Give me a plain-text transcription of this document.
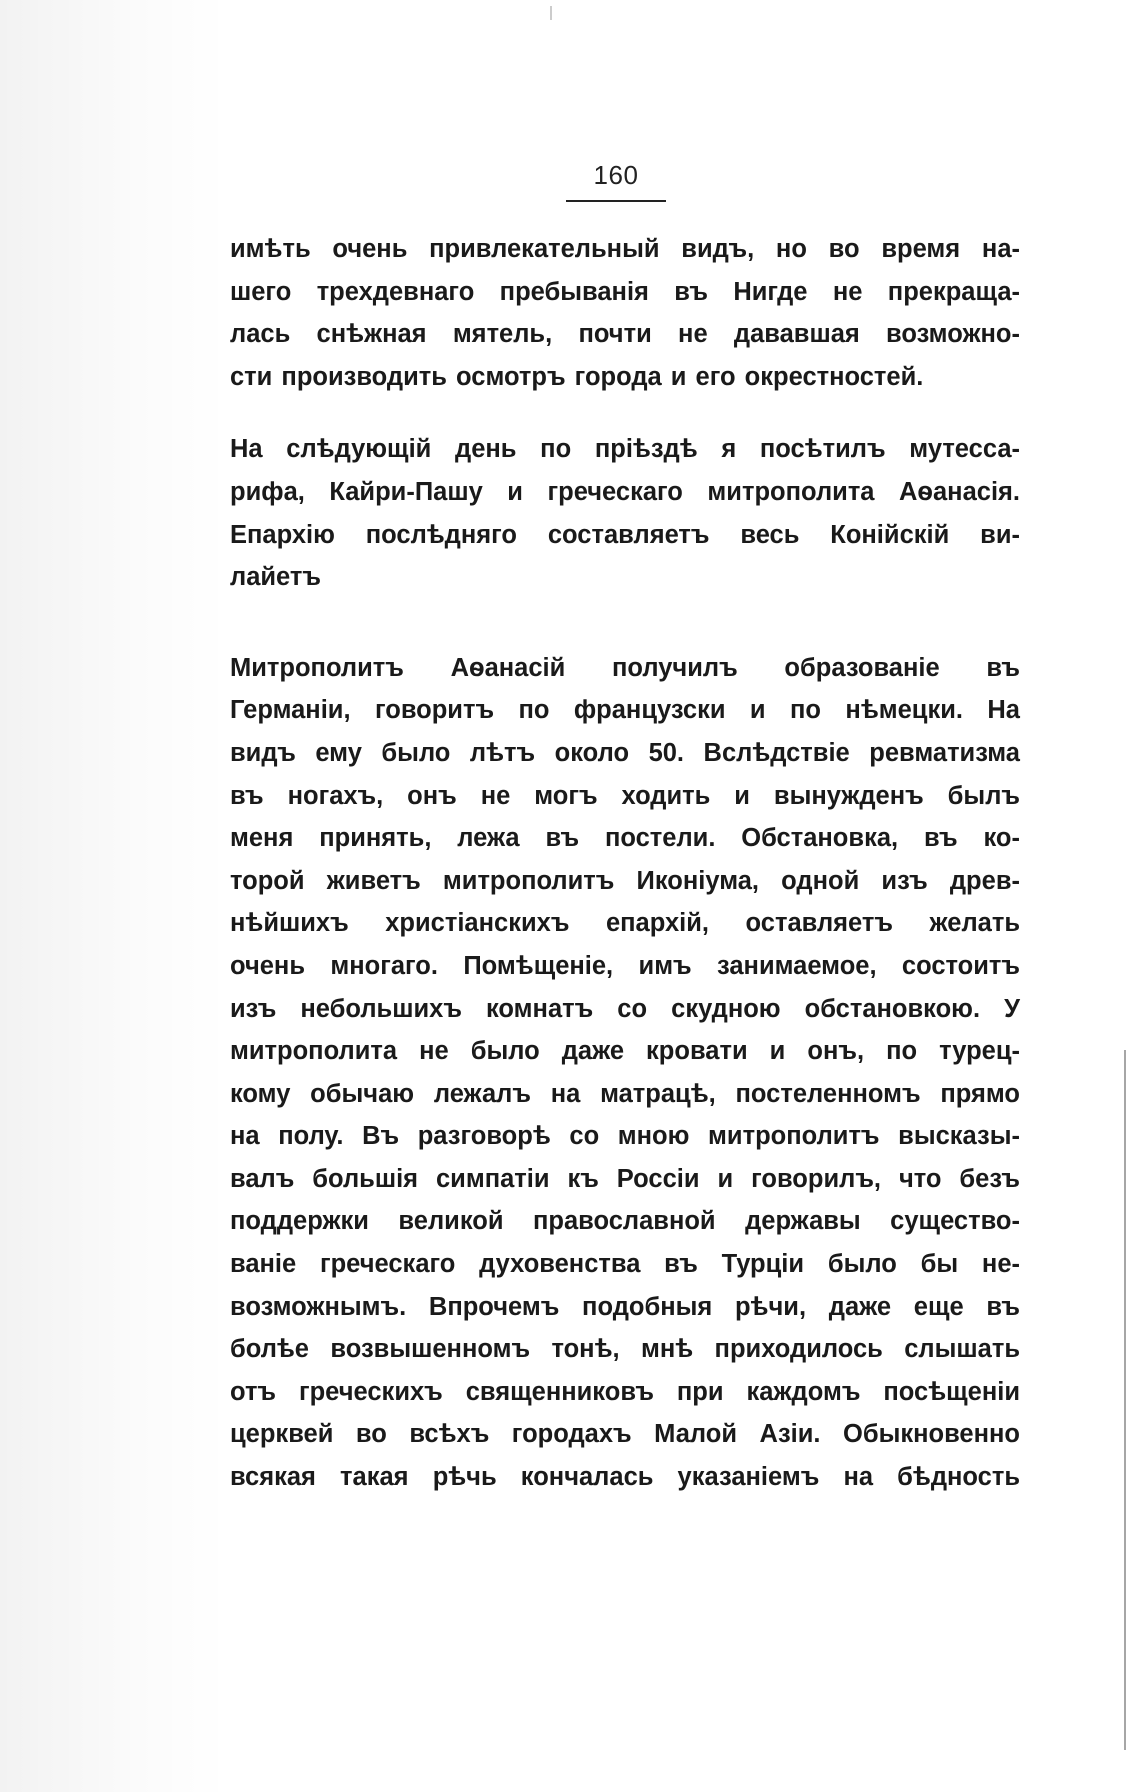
160
имѣть очень привлекательный видъ, но во время на-
шего трехдевнаго пребыванія въ Нигде не прекраща-
лась снѣжная мятель, почти не дававшая возможно-
сти производить осмотръ города и его окрестностей.
На слѣдующій день по пріѣздѣ я посѣтилъ мутесса-
рифа, Кайри-Пашу и греческаго митрополита Аѳанасія.
Епархію послѣдняго составляетъ весь Конійскій ви-
лайетъ
Митрополитъ Аѳанасій получилъ образованіе въ
Германіи, говоритъ по французски и по нѣмецки. На
видъ ему было лѣтъ около 50. Вслѣдствіе ревматизма
въ ногахъ, онъ не могъ ходить и вынужденъ былъ
меня принять, лежа въ постели. Обстановка, въ ко-
торой живетъ митрополитъ Иконіума, одной изъ древ-
нѣйшихъ христіанскихъ епархій, оставляетъ желать
очень многаго. Помѣщеніе, имъ занимаемое, состоитъ
изъ небольшихъ комнатъ со скудною обстановкою. У
митрополита не было даже кровати и онъ, по турец-
кому обычаю лежалъ на матрацѣ, постеленномъ прямо
на полу. Въ разговорѣ со мною митрополитъ высказы-
валъ большія симпатіи къ Россіи и говорилъ, что безъ
поддержки великой православной державы существо-
ваніе греческаго духовенства въ Турціи было бы не-
возможнымъ. Впрочемъ подобныя рѣчи, даже еще въ
болѣе возвышенномъ тонѣ, мнѣ приходилось слышать
отъ греческихъ священниковъ при каждомъ посѣщеніи
церквей во всѣхъ городахъ Малой Азіи. Обыкновенно
всякая такая рѣчь кончалась указаніемъ на бѣдность
